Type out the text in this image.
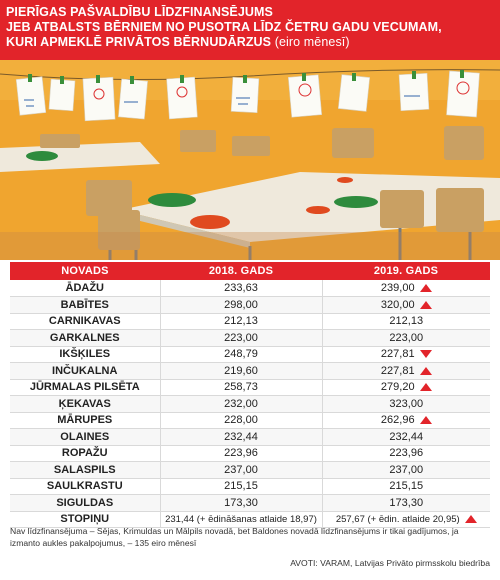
PIERĪGAS PAŠVALDĪBU LĪDZFINANSĒJUMS
JEB ATBALSTS BĒRNIEM NO PUSOTRA LĪDZ ČETRU GADU VECUMAM,
KURI APMEKLĒ PRIVĀTOS BĒRNUDĀRZUS (eiro mēnesī)
NOVADS	2018. GADS	2019. GADS
ĀDAŽU	233,63	239,00
BABĪTES	298,00	320,00
CARNIKAVAS	212,13	212,13
GARKALNES	223,00	223,00
IKŠĶILES	248,79	227,81
INČUKALNA	219,60	227,81
JŪRMALAS PILSĒTA	258,73	279,20
ĶEKAVAS	232,00	323,00
MĀRUPES	228,00	262,96
OLAINES	232,44	232,44
ROPAŽU	223,96	223,96
SALASPILS	237,00	237,00
SAULKRASTU	215,15	215,15
SIGULDAS	173,30	173,30
STOPIŅU	231,44 (+ ēdināšanas atlaide 18,97)	257,67 (+ ēdin. atlaide 20,95)
Nav līdzfinansējuma – Sējas, Krimuldas un Mālpils novadā, bet Baldones novadā līdzfinansējums ir tikai gadījumos, ja izmanto aukles pakalpojumus, – 135 eiro mēnesī
AVOTI: VARAM, Latvijas Privāto pirmsskolu biedrība
